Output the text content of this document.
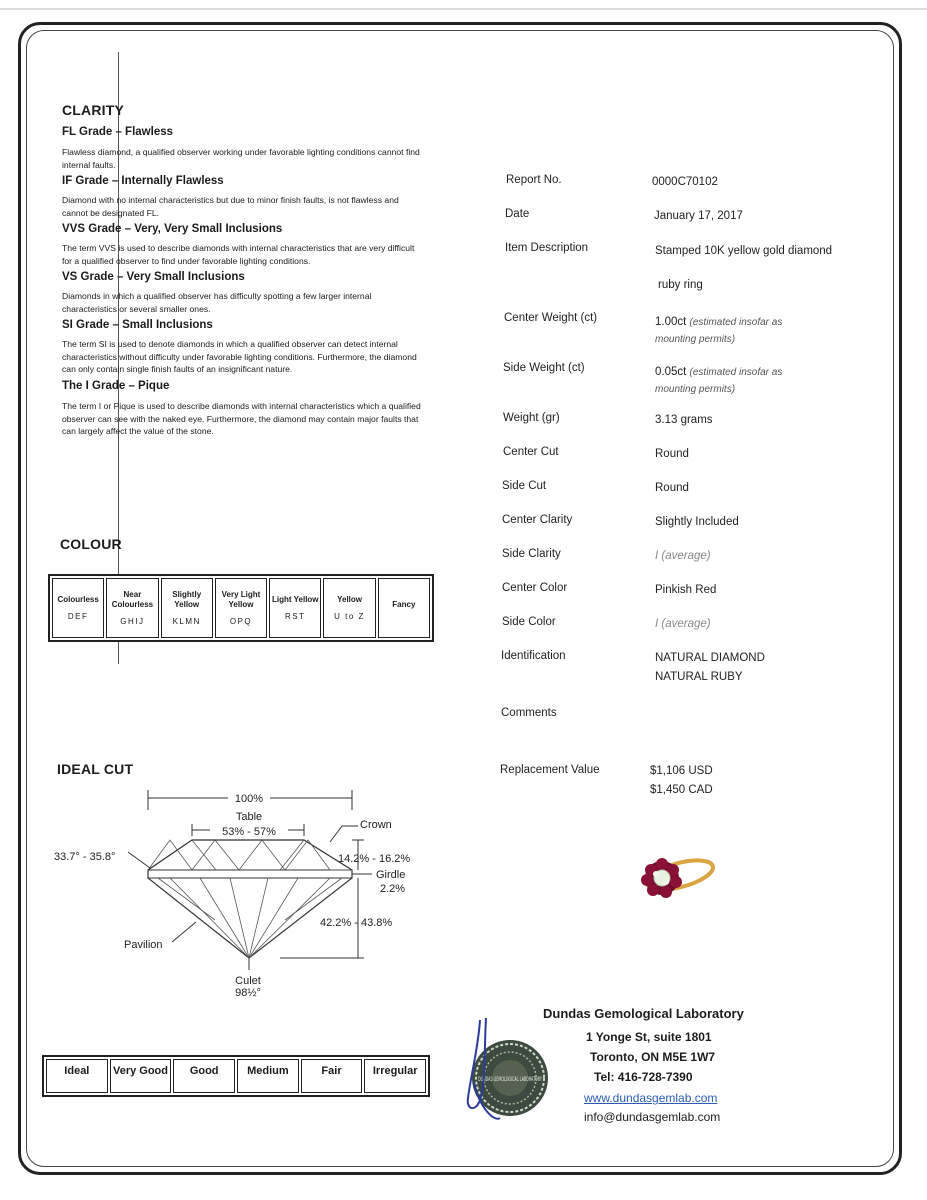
CLARITY
FL Grade – Flawless
Flawless diamond, a qualified observer working under favorable lighting conditions cannot find internal faults.
IF Grade – Internally Flawless
Diamond with no internal characteristics but due to minor finish faults, is not flawless and cannot be designated FL.
VVS Grade – Very, Very Small Inclusions
The term VVS is used to describe diamonds with internal characteristics that are very difficult for a qualified observer to find under favorable lighting conditions.
VS Grade – Very Small Inclusions
Diamonds in which a qualified observer has difficulty spotting a few larger internal characteristics or several smaller ones.
SI Grade – Small Inclusions
The term SI is used to denote diamonds in which a qualified observer can detect internal characteristics without difficulty under favorable lighting conditions. Furthermore, the diamond can only contain single finish faults of an insignificant nature.
The I Grade – Pique
The term I or Pique is used to describe diamonds with internal characteristics which a qualified observer can see with the naked eye. Furthermore, the diamond may contain major faults that can largely affect the value of the stone.
COLOUR
Colourless
DEF
Near Colourless
GHIJ
Slightly Yellow
KLMN
Very Light Yellow
OPQ
Light Yellow
RST
Yellow
U to Z
Fancy
IDEAL CUT
100%
Table
53% - 57%
Crown
33.7° - 35.8°	14.2% - 16.2%
Girdle
2.2%
42.2% - 43.8%
Pavilion
Culet
98½°
Ideal	Very Good	Good	Medium	Fair	Irregular
Report No.	0000C70102
Date	January 17, 2017
Item Description	Stamped 10K yellow gold diamond
ruby ring
Center Weight (ct)	1.00ct (estimated insofar as mounting permits)
Side Weight (ct)	0.05ct (estimated insofar as mounting permits)
Weight (gr)	3.13 grams
Center Cut	Round
Side Cut	Round
Center Clarity	Slightly Included
Side Clarity	I (average)
Center Color	Pinkish Red
Side Color	I (average)
Identification	NATURAL DIAMOND
NATURAL RUBY
Comments
Replacement Value	$1,106 USD
$1,450 CAD
Dundas Gemological Laboratory
1 Yonge St, suite 1801
Toronto, ON M5E 1W7
Tel: 416-728-7390
www.dundasgemlab.com
info@dundasgemlab.com
DUNDAS GEMOLOGICAL LABORATORY
